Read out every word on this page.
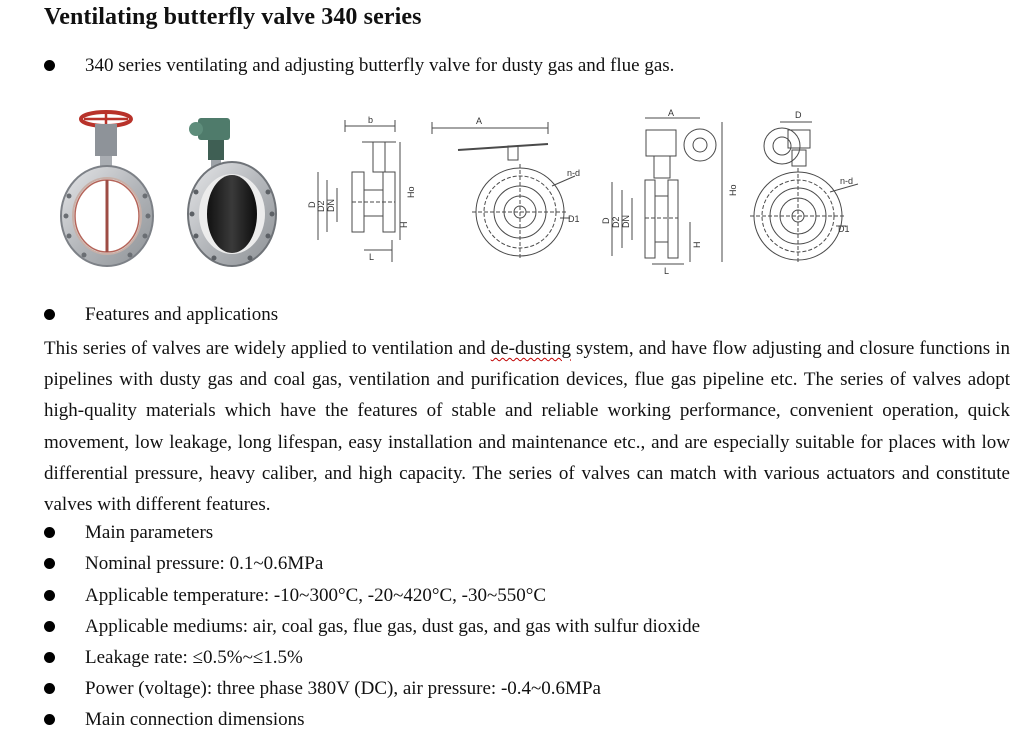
Ventilating butterfly valve 340 series
340 series ventilating and adjusting butterfly valve for dusty gas and flue gas.
b
D D2 DN
Ho
H
L
A
n-d
D1
A
D D2 DN
Ho
H
L
D
n-d
D1
Features and applications
This series of valves are widely applied to ventilation and de-dusting system, and have flow adjusting and closure functions in pipelines with dusty gas and coal gas, ventilation and purification devices, flue gas pipeline etc. The series of valves adopt high-quality materials which have the features of stable and reliable working performance, convenient operation, quick movement, low leakage, long lifespan, easy installation and maintenance etc., and are especially suitable for places with low differential pressure, heavy caliber, and high capacity. The series of valves can match with various actuators and constitute valves with different features.
Main parameters
Nominal pressure: 0.1~0.6MPa
Applicable temperature: -10~300°C, -20~420°C, -30~550°C
Applicable mediums: air, coal gas, flue gas, dust gas, and gas with sulfur dioxide
Leakage rate: ≤0.5%~≤1.5%
Power (voltage): three phase 380V (DC), air pressure: -0.4~0.6MPa
Main connection dimensions
